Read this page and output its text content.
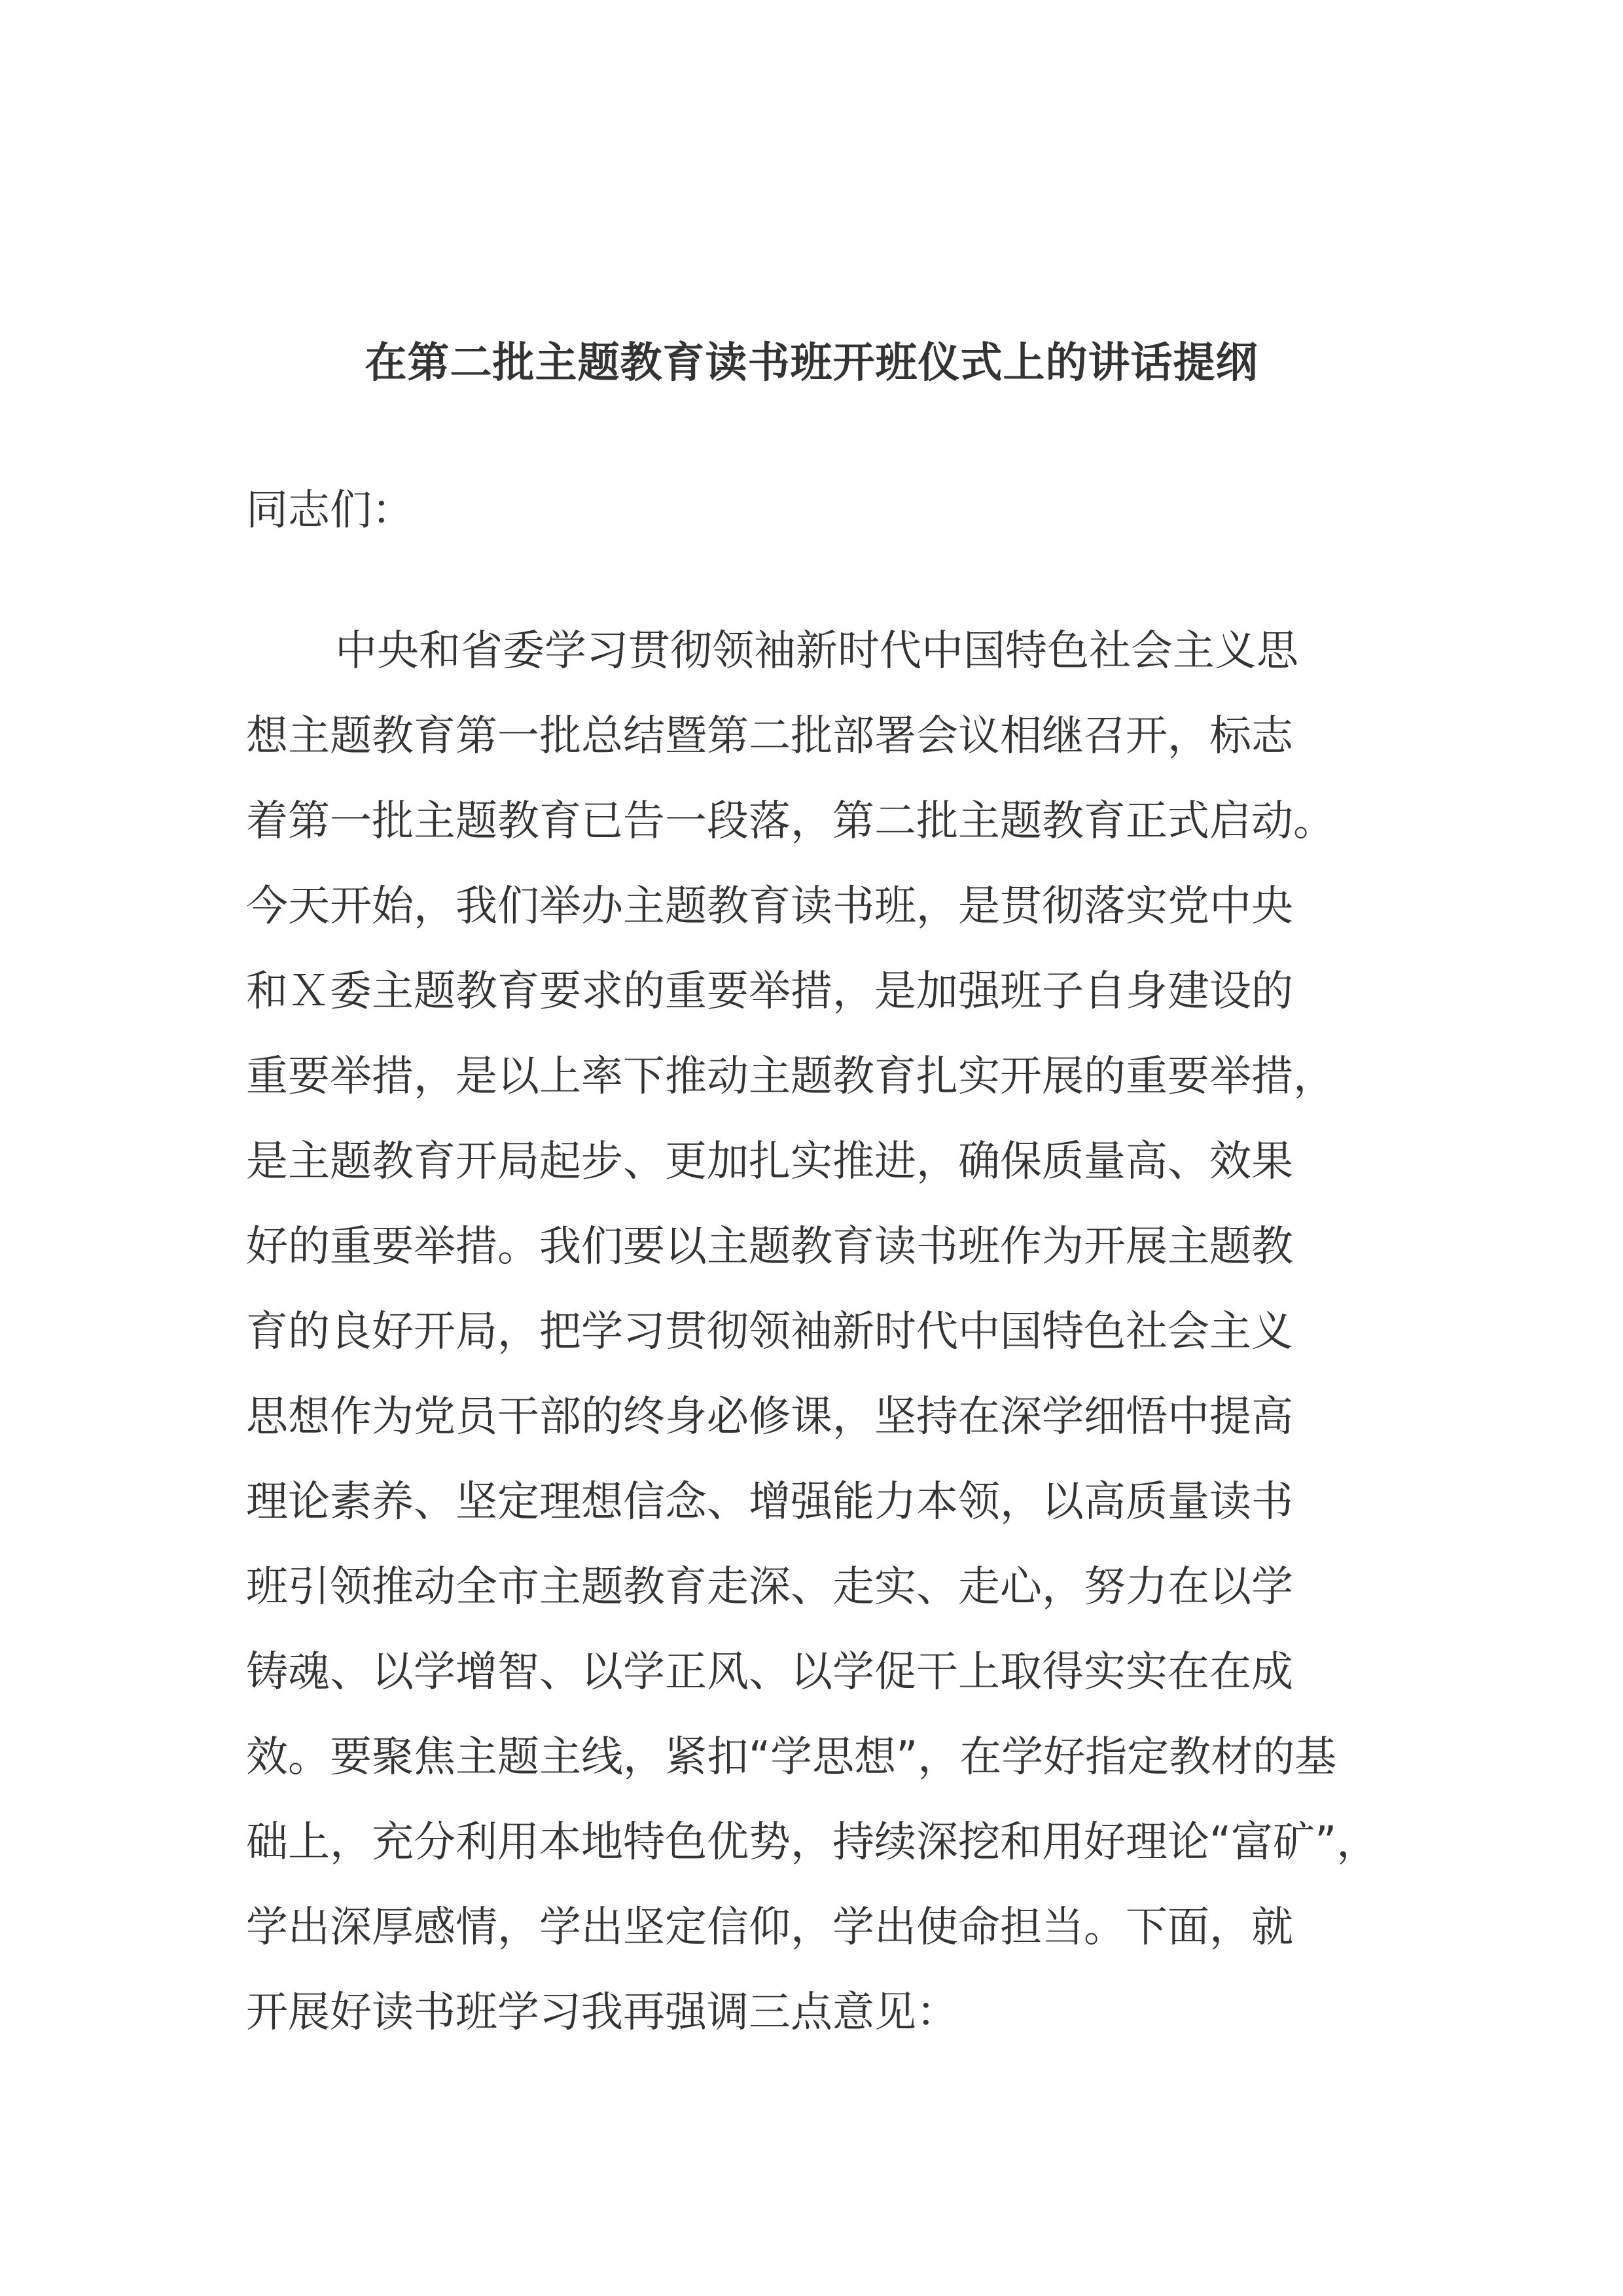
在第二批主题教育读书班开班仪式上的讲话提纲
同志们：
中央和省委学习贯彻领袖新时代中国特色社会主义思
想主题教育第一批总结暨第二批部署会议相继召开，标志
着第一批主题教育已告一段落，第二批主题教育正式启动。
今天开始，我们举办主题教育读书班，是贯彻落实党中央
和Ｘ委主题教育要求的重要举措，是加强班子自身建设的
重要举措，是以上率下推动主题教育扎实开展的重要举措，
是主题教育开局起步、更加扎实推进，确保质量高、效果
好的重要举措。我们要以主题教育读书班作为开展主题教
育的良好开局，把学习贯彻领袖新时代中国特色社会主义
思想作为党员干部的终身必修课，坚持在深学细悟中提高
理论素养、坚定理想信念、增强能力本领，以高质量读书
班引领推动全市主题教育走深、走实、走心，努力在以学
铸魂、以学增智、以学正风、以学促干上取得实实在在成
效。要聚焦主题主线，紧扣“学思想”，在学好指定教材的基
础上，充分利用本地特色优势，持续深挖和用好理论“富矿”，
学出深厚感情，学出坚定信仰，学出使命担当。下面，就
开展好读书班学习我再强调三点意见：
